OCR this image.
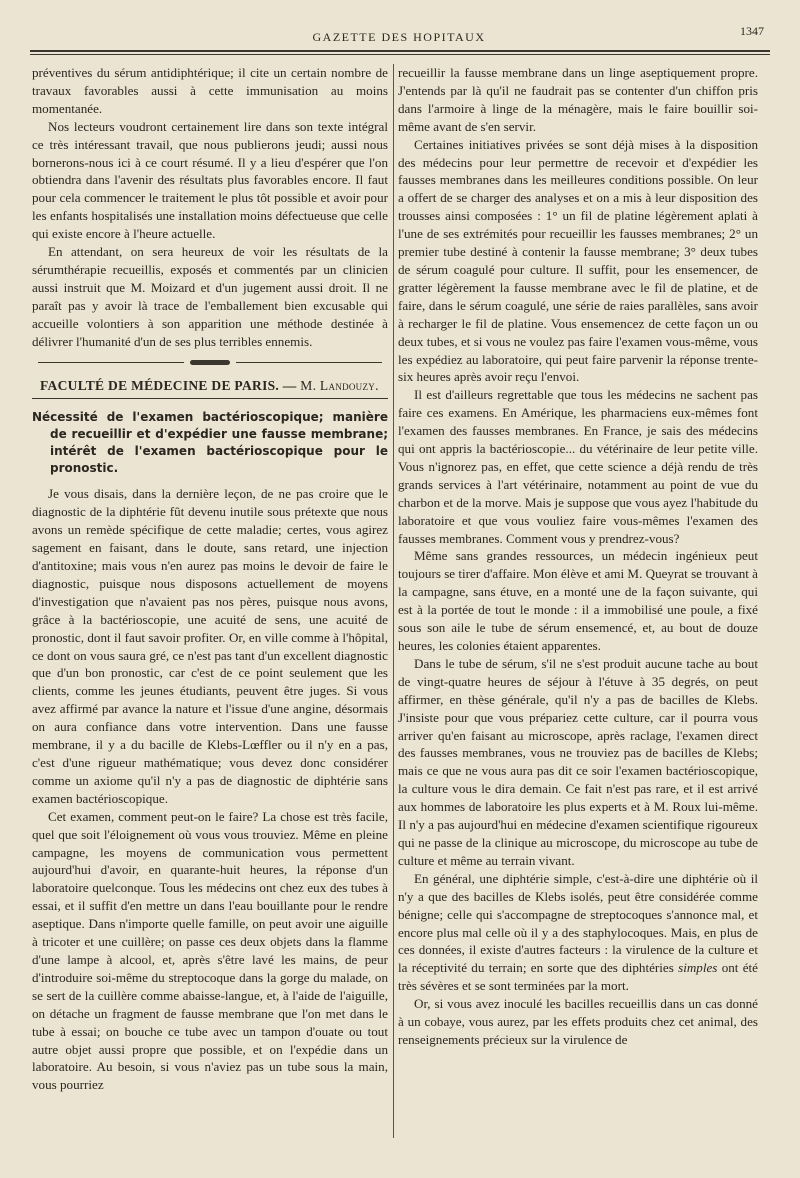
GAZETTE DES HOPITAUX	1347

préventives du sérum antidiphtérique; il cite un certain nombre de travaux favorables aussi à cette immunisation au moins momentanée.

Nos lecteurs voudront certainement lire dans son texte intégral ce très intéressant travail, que nous publierons jeudi; aussi nous bornerons-nous ici à ce court résumé. Il y a lieu d'espérer que l'on obtiendra dans l'avenir des résultats plus favorables encore. Il faut pour cela commencer le traitement le plus tôt possible et avoir pour les enfants hospitalisés une installation moins défectueuse que celle qui existe encore à l'heure actuelle.

En attendant, on sera heureux de voir les résultats de la sérumthérapie recueillis, exposés et commentés par un clinicien aussi instruit que M. Moizard et d'un jugement aussi droit. Il ne paraît pas y avoir là trace de l'emballement bien excusable qui accueille volontiers à son apparition une méthode destinée à délivrer l'humanité d'un de ses plus terribles ennemis.

FACULTÉ DE MÉDECINE DE PARIS. — M. Landouzy.
Nécessité de l'examen bactérioscopique; manière de recueillir et d'expédier une fausse membrane; intérêt de l'examen bactérioscopique pour le pronostic.

Je vous disais, dans la dernière leçon, de ne pas croire que le diagnostic de la diphtérie fût devenu inutile sous prétexte que nous avons un remède spécifique de cette maladie; certes, vous agirez sagement en faisant, dans le doute, sans retard, une injection d'antitoxine; mais vous n'en aurez pas moins le devoir de faire le diagnostic, puisque nous disposons actuellement de moyens d'investigation que n'avaient pas nos pères, puisque nous avons, grâce à la bactérioscopie, une acuité de sens, une acuité de pronostic, dont il faut savoir profiter. Or, en ville comme à l'hôpital, ce dont on vous saura gré, ce n'est pas tant d'un excellent diagnostic que d'un bon pronostic, car c'est de ce point seulement que les clients, comme les jeunes étudiants, peuvent être juges. Si vous avez affirmé par avance la nature et l'issue d'une angine, désormais on aura confiance dans votre intervention. Dans une fausse membrane, il y a du bacille de Klebs-Lœffler ou il n'y en a pas, c'est d'une rigueur mathématique; vous devez donc considérer comme un axiome qu'il n'y a pas de diagnostic de diphtérie sans examen bactérioscopique.

Cet examen, comment peut-on le faire? La chose est très facile, quel que soit l'éloignement où vous vous trouviez. Même en pleine campagne, les moyens de communication vous permettent aujourd'hui d'avoir, en quarante-huit heures, la réponse d'un laboratoire quelconque. Tous les médecins ont chez eux des tubes à essai, et il suffit d'en mettre un dans l'eau bouillante pour le rendre aseptique. Dans n'importe quelle famille, on peut avoir une aiguille à tricoter et une cuillère; on passe ces deux objets dans la flamme d'une lampe à alcool, et, après s'être lavé les mains, de peur d'introduire soi-même du streptocoque dans la gorge du malade, on se sert de la cuillère comme abaisse-langue, et, à l'aide de l'aiguille, on détache un fragment de fausse membrane que l'on met dans le tube à essai; on bouche ce tube avec un tampon d'ouate ou tout autre objet aussi propre que possible, et on l'expédie dans un laboratoire. Au besoin, si vous n'aviez pas un tube sous la main, vous pourriez

recueillir la fausse membrane dans un linge aseptiquement propre. J'entends par là qu'il ne faudrait pas se contenter d'un chiffon pris dans l'armoire à linge de la ménagère, mais le faire bouillir soi-même avant de s'en servir.

Certaines initiatives privées se sont déjà mises à la disposition des médecins pour leur permettre de recevoir et d'expédier les fausses membranes dans les meilleures conditions possible. On leur a offert de se charger des analyses et on a mis à leur disposition des trousses ainsi composées : 1° un fil de platine légèrement aplati à l'une de ses extrémités pour recueillir les fausses membranes; 2° un premier tube destiné à contenir la fausse membrane; 3° deux tubes de sérum coagulé pour culture. Il suffit, pour les ensemencer, de gratter légèrement la fausse membrane avec le fil de platine, et de faire, dans le sérum coagulé, une série de raies parallèles, sans avoir à recharger le fil de platine. Vous ensemencez de cette façon un ou deux tubes, et si vous ne voulez pas faire l'examen vous-même, vous les expédiez au laboratoire, qui peut faire parvenir la réponse trente-six heures après avoir reçu l'envoi.

Il est d'ailleurs regrettable que tous les médecins ne sachent pas faire ces examens. En Amérique, les pharmaciens eux-mêmes font l'examen des fausses membranes. En France, je sais des médecins qui ont appris la bactérioscopie... du vétérinaire de leur petite ville. Vous n'ignorez pas, en effet, que cette science a déjà rendu de très grands services à l'art vétérinaire, notamment au point de vue du charbon et de la morve. Mais je suppose que vous ayez l'habitude du laboratoire et que vous vouliez faire vous-mêmes l'examen des fausses membranes. Comment vous y prendrez-vous?

Même sans grandes ressources, un médecin ingénieux peut toujours se tirer d'affaire. Mon élève et ami M. Queyrat se trouvant à la campagne, sans étuve, en a monté une de la façon suivante, qui est à la portée de tout le monde : il a immobilisé une poule, a fixé sous son aile le tube de sérum ensemencé, et, au bout de douze heures, les colonies étaient apparentes.

Dans le tube de sérum, s'il ne s'est produit aucune tache au bout de vingt-quatre heures de séjour à l'étuve à 35 degrés, on peut affirmer, en thèse générale, qu'il n'y a pas de bacilles de Klebs. J'insiste pour que vous prépariez cette culture, car il pourra vous arriver qu'en faisant au microscope, après raclage, l'examen direct des fausses membranes, vous ne trouviez pas de bacilles de Klebs; mais ce que ne vous aura pas dit ce soir l'examen bactérioscopique, la culture vous le dira demain. Ce fait n'est pas rare, et il est arrivé aux hommes de laboratoire les plus experts et à M. Roux lui-même. Il n'y a pas aujourd'hui en médecine d'examen scientifique rigoureux qui ne passe de la clinique au microscope, du microscope au tube de culture et même au terrain vivant.

En général, une diphtérie simple, c'est-à-dire une diphtérie où il n'y a que des bacilles de Klebs isolés, peut être considérée comme bénigne; celle qui s'accompagne de streptocoques s'annonce mal, et encore plus mal celle où il y a des staphylocoques. Mais, en plus de ces données, il existe d'autres facteurs : la virulence de la culture et la réceptivité du terrain; en sorte que des diphtéries simples ont été très sévères et se sont terminées par la mort.

Or, si vous avez inoculé les bacilles recueillis dans un cas donné à un cobaye, vous aurez, par les effets produits chez cet animal, des renseignements précieux sur la virulence de
